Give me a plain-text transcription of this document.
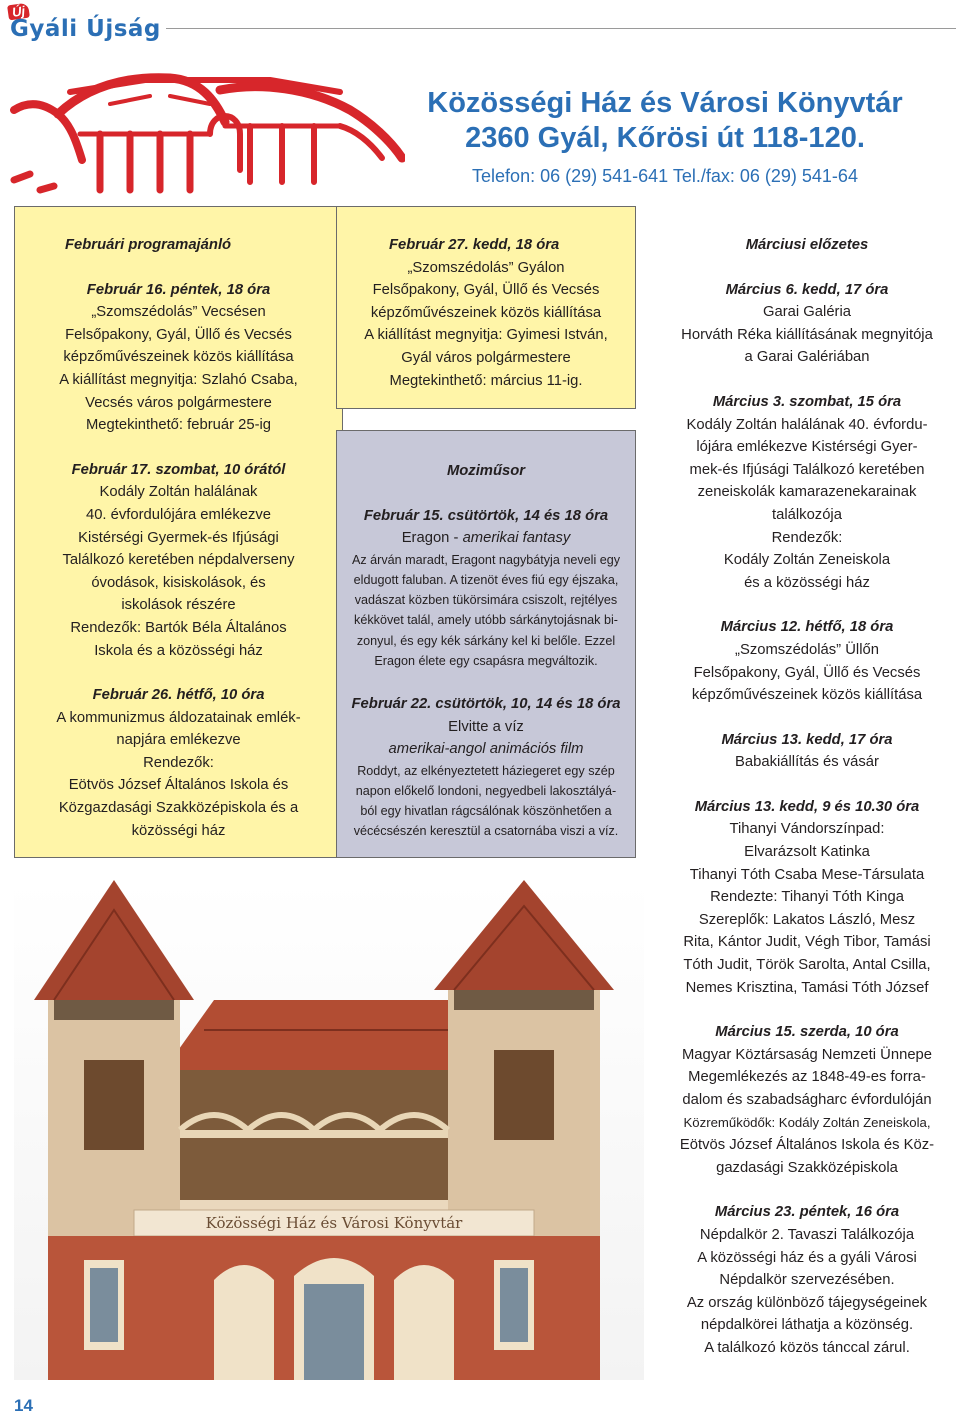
Új
Gyáli Újság
Közösségi Ház és Városi Könyvtár
2360 Gyál, Kőrösi út 118-120.
Telefon: 06 (29) 541-641 Tel./fax: 06 (29) 541-64

Februári programajánló

Február 16. péntek, 18 óra

„Szomszédolás” Vecsésen

Felsőpakony, Gyál, Üllő és Vecsés

képzőművészeinek közös kiállítása

A kiállítást megnyitja: Szlahó Csaba,

Vecsés város polgármestere

Megtekinthető: február 25-ig

Február 17. szombat, 10 órától

Kodály Zoltán halálának

40. évfordulójára emlékezve

Kistérségi Gyermek-és Ifjúsági

Találkozó keretében népdalverseny

óvodások, kisiskolások, és

iskolások részére

Rendezők: Bartók Béla Általános

Iskola és a közösségi ház

Február 26. hétfő, 10 óra

A kommunizmus áldozatainak emlék-

napjára emlékezve

Rendezők:

Eötvös József Általános Iskola és

Közgazdasági Szakközépiskola és a

közösségi ház

Február 27. kedd, 18 óra

„Szomszédolás” Gyálon

Felsőpakony, Gyál, Üllő és Vecsés

képzőművészeinek közös kiállítása

A kiállítást megnyitja: Gyimesi István,

Gyál város polgármestere

Megtekinthető: március 11-ig.

Moziműsor

Február 15. csütörtök, 14 és 18 óra

Eragon - amerikai fantasy

Az árván maradt, Eragont nagybátyja neveli egy

eldugott faluban. A tizenöt éves fiú egy éjszaka,

vadászat közben tükörsimára csiszolt, rejtélyes

kékkövet talál, amely utóbb sárkánytojásnak bi-

zonyul, és egy kék sárkány kel ki belőle. Ezzel

Eragon élete egy csapásra megváltozik.

Február 22. csütörtök, 10, 14 és 18 óra

Elvitte a víz

amerikai-angol animációs film

Roddyt, az elkényeztetett háziegeret egy szép

napon előkelő londoni, negyedbeli lakosztályá-

ból egy hivatlan rágcsálónak köszönhetően a

vécécsészén keresztül a csatornába viszi a víz.

Márciusi előzetes

Március 6. kedd, 17 óra

Garai Galéria

Horváth Réka kiállításának megnyitója

a Garai Galériában

Március 3. szombat, 15 óra

Kodály Zoltán halálának 40. évfordu-

lójára emlékezve Kistérségi Gyer-

mek-és Ifjúsági Találkozó keretében

zeneiskolák kamarazenekarainak

találkozója

Rendezők:

Kodály Zoltán Zeneiskola

és a közösségi ház

Március 12. hétfő, 18 óra

„Szomszédolás” Üllőn

Felsőpakony, Gyál, Üllő és Vecsés

képzőművészeinek közös kiállítása

Március 13. kedd, 17 óra

Babakiállítás és vásár

Március 13. kedd, 9 és 10.30 óra

Tihanyi Vándorszínpad:

Elvarázsolt Katinka

Tihanyi Tóth Csaba Mese-Társulata

Rendezte: Tihanyi Tóth Kinga

Szereplők: Lakatos László, Mesz

Rita, Kántor Judit, Végh Tibor, Tamási

Tóth Judit, Török Sarolta, Antal Csilla,

Nemes Krisztina, Tamási Tóth József

Március 15. szerda, 10 óra

Magyar Köztársaság Nemzeti Ünnepe

Megemlékezés az 1848-49-es forra-

dalom és szabadságharc évfordulóján

Közreműködők: Kodály Zoltán Zeneiskola,

Eötvös József Általános Iskola és Köz-

gazdasági Szakközépiskola

Március 23. péntek, 16 óra

Népdalkör 2. Tavaszi Találkozója

A közösségi ház és a gyáli Városi

Népdalkör szervezésében.

Az ország különböző tájegységeinek

népdalkörei láthatja a közönség.

A találkozó közös tánccal zárul.

Közösségi Ház és Városi Könyvtár
14
